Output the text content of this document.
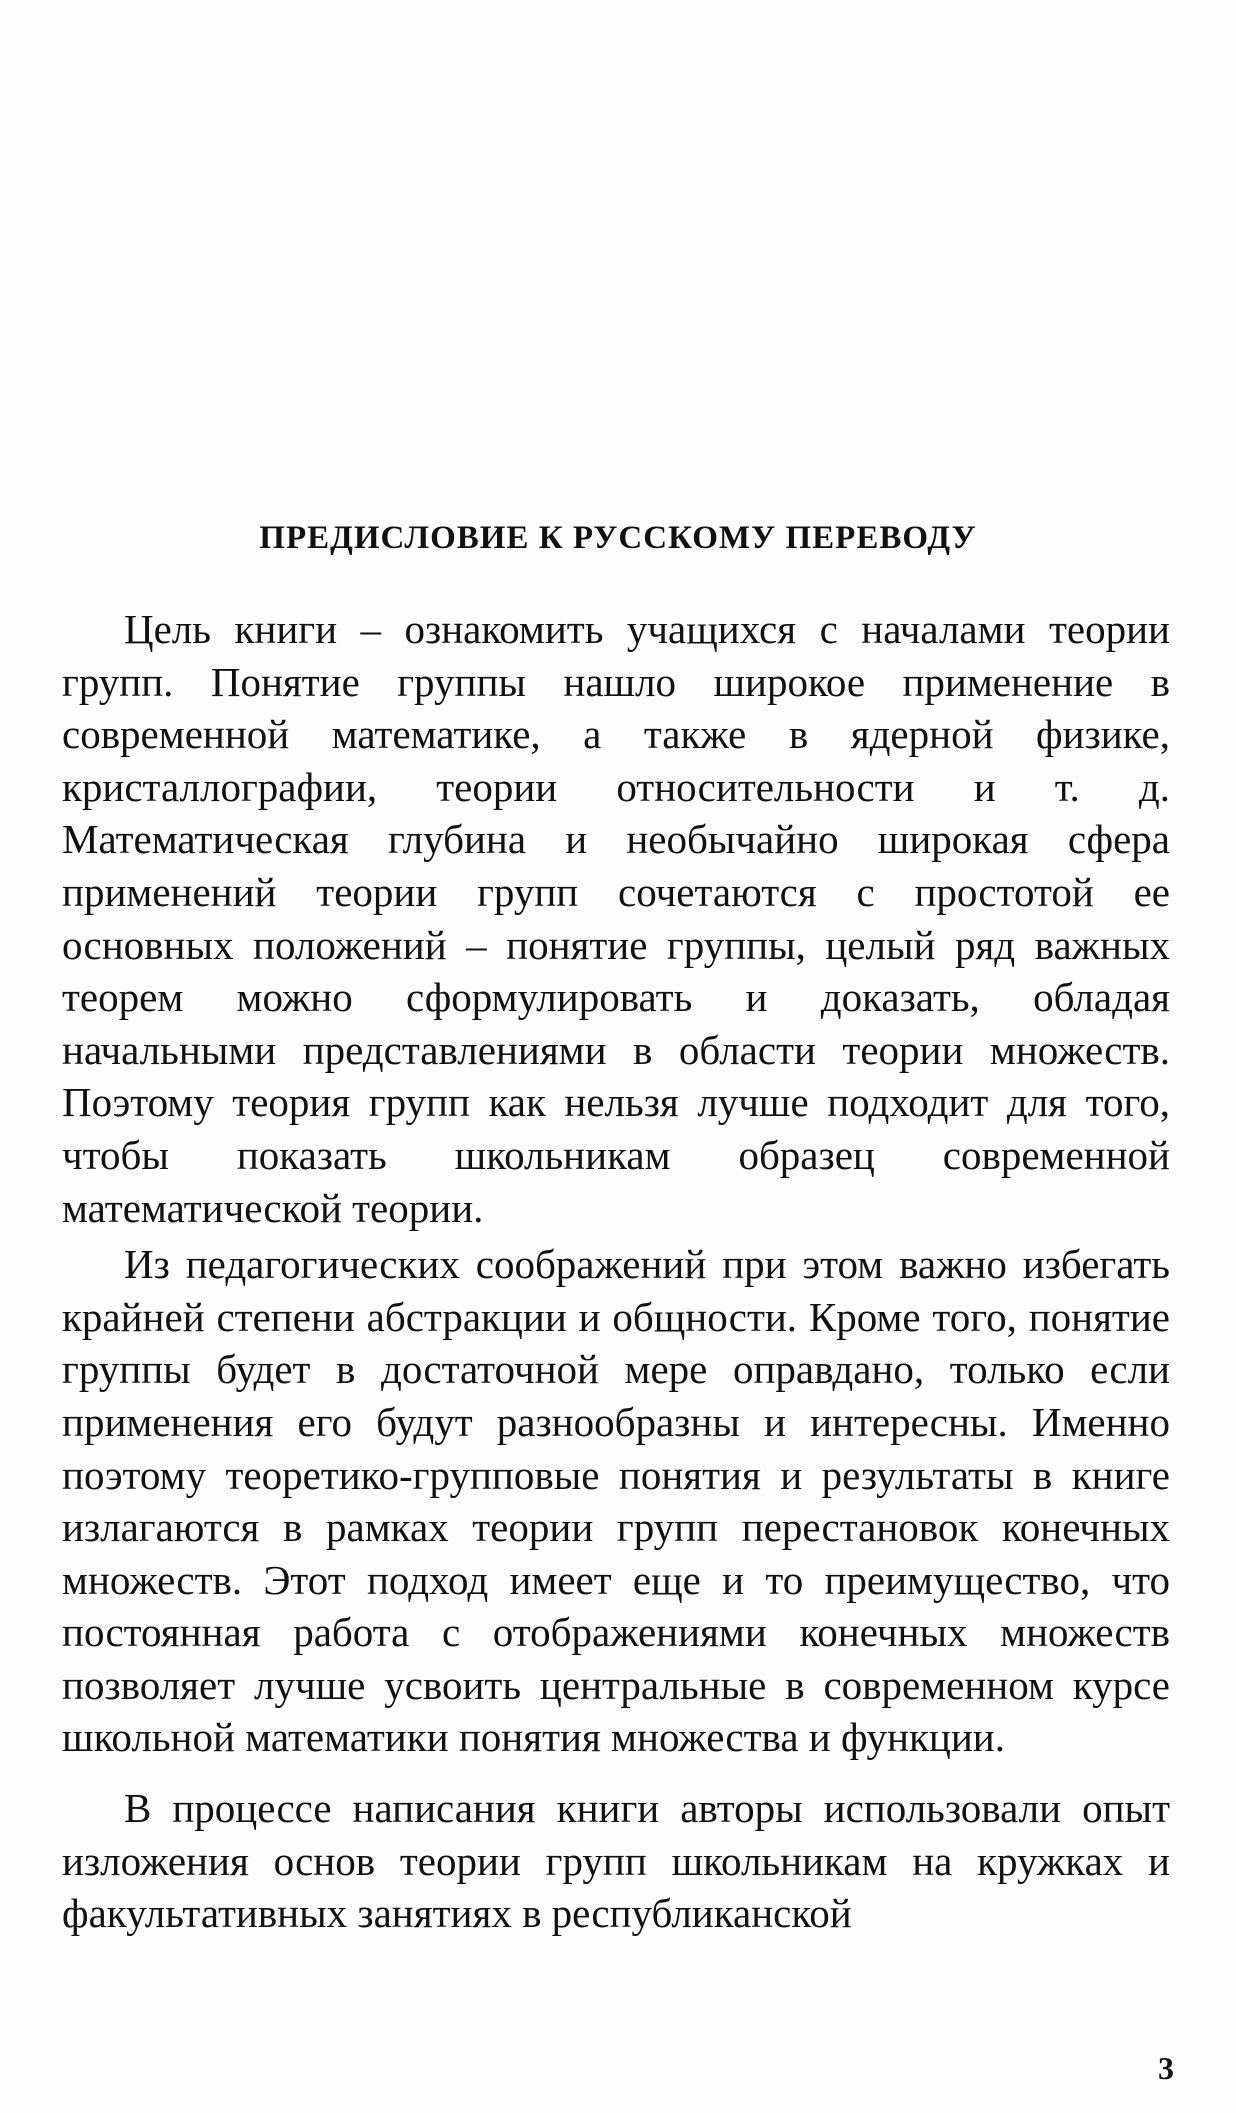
ПРЕДИСЛОВИЕ К РУССКОМУ ПЕРЕВОДУ

Цель книги – ознакомить учащихся с началами теории групп. Понятие группы нашло широкое применение в современной математике, а также в ядерной физике, кристаллографии, теории относительности и т. д. Математическая глубина и необычайно широкая сфера применений теории групп сочетаются с простотой ее основных положений – понятие группы, целый ряд важных теорем можно сформулировать и доказать, обладая начальными представлениями в области теории множеств. Поэтому теория групп как нельзя лучше подходит для того, чтобы показать школьникам образец современной математической теории.

Из педагогических соображений при этом важно избегать крайней степени абстракции и общности. Кроме того, понятие группы будет в достаточной мере оправдано, только если применения его будут разнообразны и интересны. Именно поэтому теоретико-групповые понятия и результаты в книге излагаются в рамках теории групп перестановок конечных множеств. Этот подход имеет еще и то преимущество, что постоянная работа с отображениями конечных множеств позволяет лучше усвоить центральные в современном курсе школьной математики понятия множества и функции.

В процессе написания книги авторы использовали опыт изложения основ теории групп школьникам на кружках и факультативных занятиях в республиканской

3
